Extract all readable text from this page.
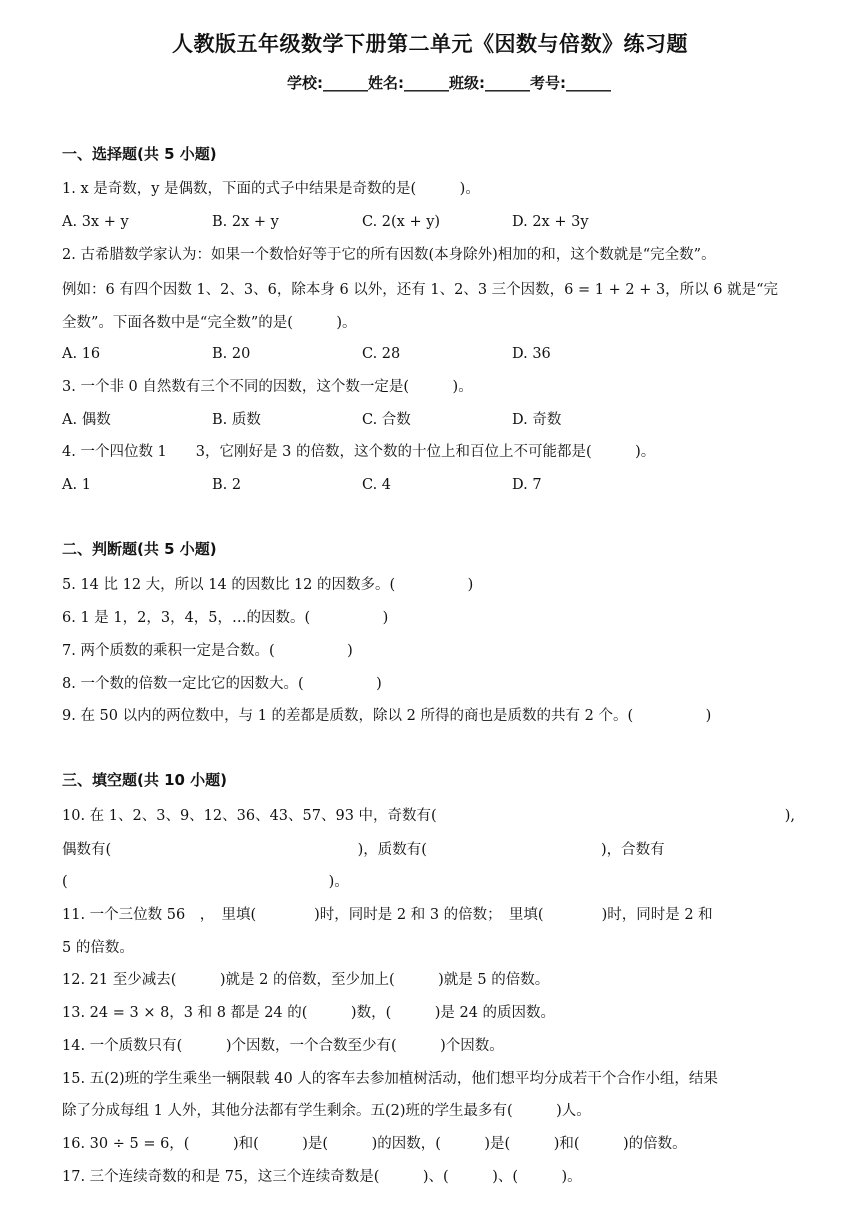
人教版五年级数学下册第二单元《因数与倍数》练习题
学校:______姓名:______班级:______考号:______
一、选择题(共 5 小题)
1. x 是奇数，y 是偶数，下面的式子中结果是奇数的是(　　　)。
A. 3x + y	B. 2x + y	C. 2(x + y)	D. 2x + 3y
2. 古希腊数学家认为：如果一个数恰好等于它的所有因数(本身除外)相加的和，这个数就是“完全数”。
例如：6 有四个因数 1、2、3、6，除本身 6 以外，还有 1、2、3 三个因数，6 = 1 + 2 + 3，所以 6 就是“完
全数”。下面各数中是“完全数”的是(　　　)。
A. 16	B. 20	C. 28	D. 36
3. 一个非 0 自然数有三个不同的因数，这个数一定是(　　　)。
A. 偶数	B. 质数	C. 合数	D. 奇数
4. 一个四位数 1　　3，它刚好是 3 的倍数，这个数的十位上和百位上不可能都是(　　　)。
A. 1	B. 2	C. 4	D. 7
二、判断题(共 5 小题)
5. 14 比 12 大，所以 14 的因数比 12 的因数多。(　　　　　)
6. 1 是 1，2，3，4，5，…的因数。(　　　　　)
7. 两个质数的乘积一定是合数。(　　　　　)
8. 一个数的倍数一定比它的因数大。(　　　　　)
9. 在 50 以内的两位数中，与 1 的差都是质数，除以 2 所得的商也是质数的共有 2 个。(　　　　　)
三、填空题(共 10 小题)
10. 在 1、2、3、9、12、36、43、57、93 中，奇数有(　　　　　　　　　　　　　　　　　　　　　　　　),
偶数有(　　　　　　　　　　　　　　　　　)，质数有(　　　　　　　　　　　　)，合数有
(　　　　　　　　　　　　　　　　　　)。
11. 一个三位数 56　，　里填(　　　　)时，同时是 2 和 3 的倍数；　里填(　　　　)时，同时是 2 和
5 的倍数。
12. 21 至少减去(　　　)就是 2 的倍数，至少加上(　　　)就是 5 的倍数。
13. 24 = 3 × 8，3 和 8 都是 24 的(　　　)数，(　　　)是 24 的质因数。
14. 一个质数只有(　　　)个因数，一个合数至少有(　　　)个因数。
15. 五(2)班的学生乘坐一辆限载 40 人的客车去参加植树活动，他们想平均分成若干个合作小组，结果
除了分成每组 1 人外，其他分法都有学生剩余。五(2)班的学生最多有(　　　)人。
16. 30 ÷ 5 = 6，(　　　)和(　　　)是(　　　)的因数，(　　　)是(　　　)和(　　　)的倍数。
17. 三个连续奇数的和是 75，这三个连续奇数是(　　　)、(　　　)、(　　　)。
